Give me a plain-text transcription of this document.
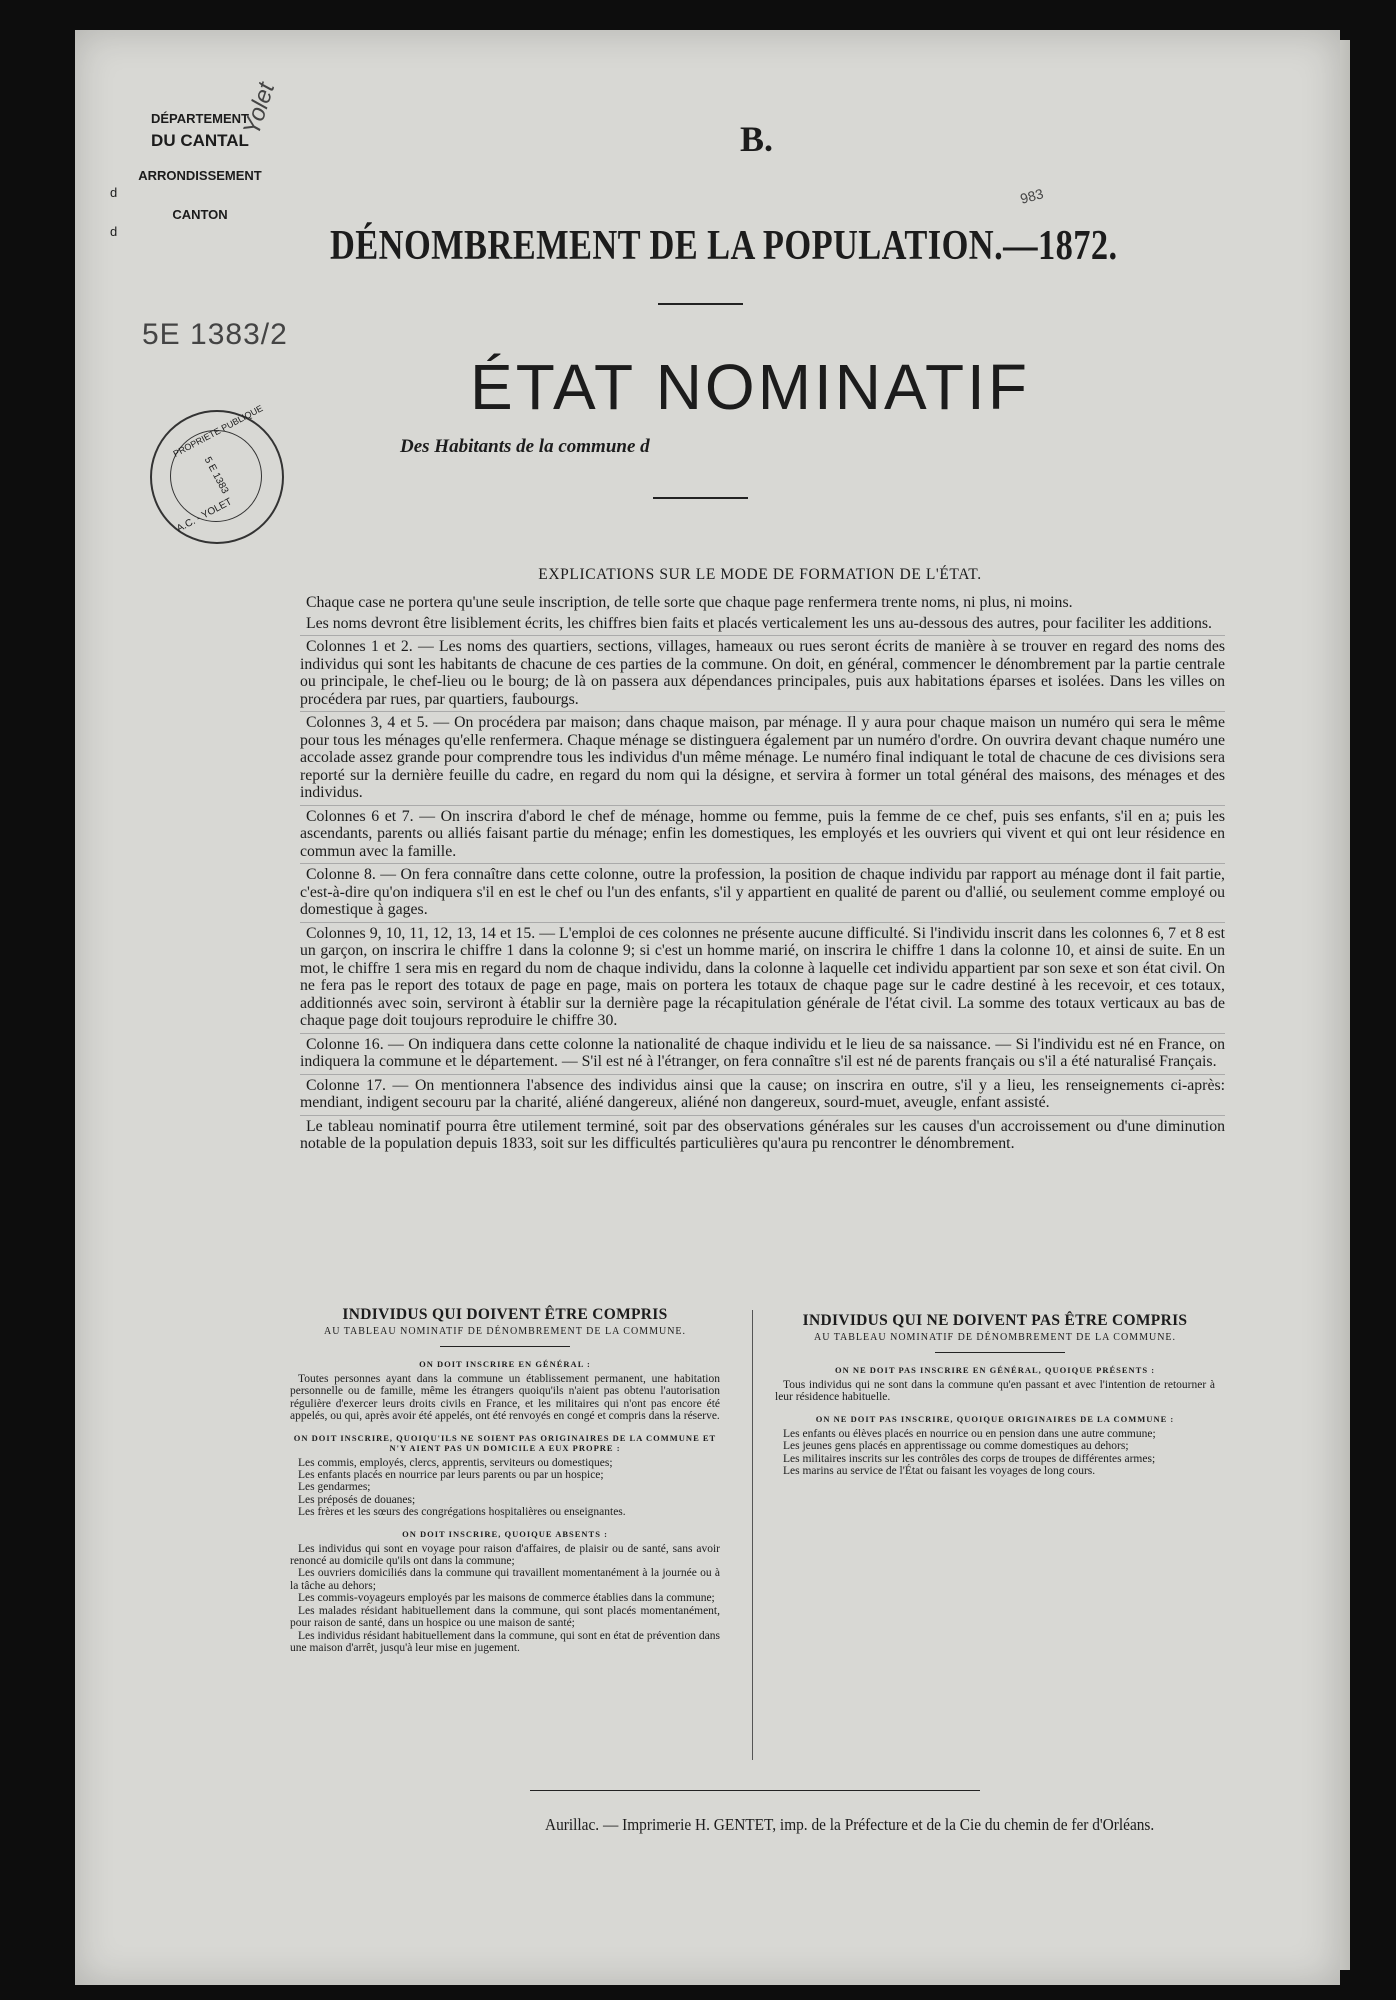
DÉPARTEMENT
DU CANTAL
ARRONDISSEMENT
d
CANTON
d
Yolet
5E 1383/2
983
PROPRIETE PUBLIQUE
5 E 1383
A.C. - YOLET
B.
DÉNOMBREMENT DE LA POPULATION.—1872.
ÉTAT NOMINATIF
Des Habitants de la commune d
EXPLICATIONS SUR LE MODE DE FORMATION DE L'ÉTAT.

Chaque case ne portera qu'une seule inscription, de telle sorte que chaque page renfermera trente noms, ni plus, ni moins.

Les noms devront être lisiblement écrits, les chiffres bien faits et placés verticalement les uns au-dessous des autres, pour faciliter les additions.

Colonnes 1 et 2. — Les noms des quartiers, sections, villages, hameaux ou rues seront écrits de manière à se trouver en regard des noms des individus qui sont les habitants de chacune de ces parties de la commune. On doit, en général, commencer le dénombrement par la partie centrale ou principale, le chef-lieu ou le bourg; de là on passera aux dépendances principales, puis aux habitations éparses et isolées. Dans les villes on procédera par rues, par quartiers, faubourgs.

Colonnes 3, 4 et 5. — On procédera par maison; dans chaque maison, par ménage. Il y aura pour chaque maison un numéro qui sera le même pour tous les ménages qu'elle renfermera. Chaque ménage se distinguera également par un numéro d'ordre. On ouvrira devant chaque numéro une accolade assez grande pour comprendre tous les individus d'un même ménage. Le numéro final indiquant le total de chacune de ces divisions sera reporté sur la dernière feuille du cadre, en regard du nom qui la désigne, et servira à former un total général des maisons, des ménages et des individus.

Colonnes 6 et 7. — On inscrira d'abord le chef de ménage, homme ou femme, puis la femme de ce chef, puis ses enfants, s'il en a; puis les ascendants, parents ou alliés faisant partie du ménage; enfin les domestiques, les employés et les ouvriers qui vivent et qui ont leur résidence en commun avec la famille.

Colonne 8. — On fera connaître dans cette colonne, outre la profession, la position de chaque individu par rapport au ménage dont il fait partie, c'est-à-dire qu'on indiquera s'il en est le chef ou l'un des enfants, s'il y appartient en qualité de parent ou d'allié, ou seulement comme employé ou domestique à gages.

Colonnes 9, 10, 11, 12, 13, 14 et 15. — L'emploi de ces colonnes ne présente aucune difficulté. Si l'individu inscrit dans les colonnes 6, 7 et 8 est un garçon, on inscrira le chiffre 1 dans la colonne 9; si c'est un homme marié, on inscrira le chiffre 1 dans la colonne 10, et ainsi de suite. En un mot, le chiffre 1 sera mis en regard du nom de chaque individu, dans la colonne à laquelle cet individu appartient par son sexe et son état civil. On ne fera pas le report des totaux de page en page, mais on portera les totaux de chaque page sur le cadre destiné à les recevoir, et ces totaux, additionnés avec soin, serviront à établir sur la dernière page la récapitulation générale de l'état civil. La somme des totaux verticaux au bas de chaque page doit toujours reproduire le chiffre 30.

Colonne 16. — On indiquera dans cette colonne la nationalité de chaque individu et le lieu de sa naissance. — Si l'individu est né en France, on indiquera la commune et le département. — S'il est né à l'étranger, on fera connaître s'il est né de parents français ou s'il a été naturalisé Français.

Colonne 17. — On mentionnera l'absence des individus ainsi que la cause; on inscrira en outre, s'il y a lieu, les renseignements ci-après: mendiant, indigent secouru par la charité, aliéné dangereux, aliéné non dangereux, sourd-muet, aveugle, enfant assisté.

Le tableau nominatif pourra être utilement terminé, soit par des observations générales sur les causes d'un accroissement ou d'une diminution notable de la population depuis 1833, soit sur les difficultés particulières qu'aura pu rencontrer le dénombrement.

INDIVIDUS QUI DOIVENT ÊTRE COMPRIS
AU TABLEAU NOMINATIF DE DÉNOMBREMENT DE LA COMMUNE.
ON DOIT INSCRIRE EN GÉNÉRAL :

Toutes personnes ayant dans la commune un établissement permanent, une habitation personnelle ou de famille, même les étrangers quoiqu'ils n'aient pas obtenu l'autorisation régulière d'exercer leurs droits civils en France, et les militaires qui n'ont pas encore été appelés, ou qui, après avoir été appelés, ont été renvoyés en congé et compris dans la réserve.

ON DOIT INSCRIRE, QUOIQU'ILS NE SOIENT PAS ORIGINAIRES DE LA COMMUNE ET N'Y AIENT PAS UN DOMICILE A EUX PROPRE :

Les commis, employés, clercs, apprentis, serviteurs ou domestiques;

Les enfants placés en nourrice par leurs parents ou par un hospice;

Les gendarmes;

Les préposés de douanes;

Les frères et les sœurs des congrégations hospitalières ou enseignantes.

ON DOIT INSCRIRE, QUOIQUE ABSENTS :

Les individus qui sont en voyage pour raison d'affaires, de plaisir ou de santé, sans avoir renoncé au domicile qu'ils ont dans la commune;

Les ouvriers domiciliés dans la commune qui travaillent momentanément à la journée ou à la tâche au dehors;

Les commis-voyageurs employés par les maisons de commerce établies dans la commune;

Les malades résidant habituellement dans la commune, qui sont placés momentanément, pour raison de santé, dans un hospice ou une maison de santé;

Les individus résidant habituellement dans la commune, qui sont en état de prévention dans une maison d'arrêt, jusqu'à leur mise en jugement.

INDIVIDUS QUI NE DOIVENT PAS ÊTRE COMPRIS
AU TABLEAU NOMINATIF DE DÉNOMBREMENT DE LA COMMUNE.
ON NE DOIT PAS INSCRIRE EN GÉNÉRAL, QUOIQUE PRÉSENTS :

Tous individus qui ne sont dans la commune qu'en passant et avec l'intention de retourner à leur résidence habituelle.

ON NE DOIT PAS INSCRIRE, QUOIQUE ORIGINAIRES DE LA COMMUNE :

Les enfants ou élèves placés en nourrice ou en pension dans une autre commune;

Les jeunes gens placés en apprentissage ou comme domestiques au dehors;

Les militaires inscrits sur les contrôles des corps de troupes de différentes armes;

Les marins au service de l'État ou faisant les voyages de long cours.

Aurillac. — Imprimerie H. GENTET, imp. de la Préfecture et de la Cie du chemin de fer d'Orléans.
